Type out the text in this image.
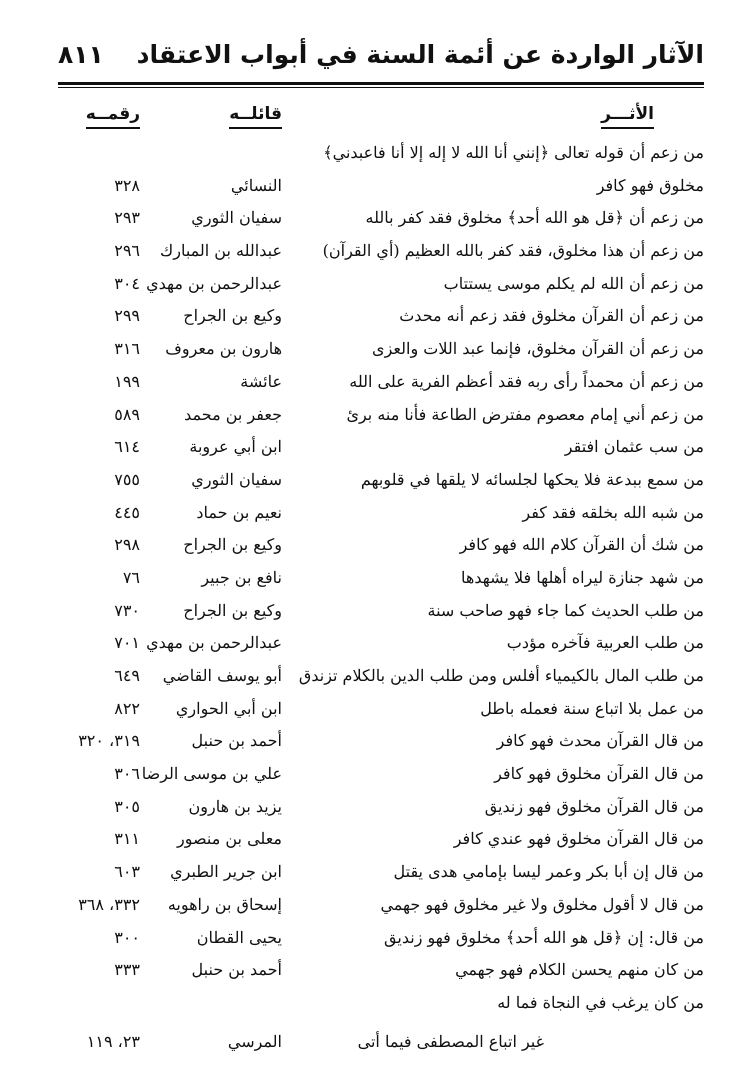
الآثار الواردة عن أئمة السنة في أبواب الاعتقاد
٨١١
الأثـــر
قائلــه
رقمــه
من زعم أن قوله تعالى ﴿إنني أنا الله لا إله إلا أنا فاعبدني﴾
مخلوق فهو كافر
النسائي
٣٢٨
من زعم أن ﴿قل هو الله أحد﴾ مخلوق فقد كفر بالله
سفيان الثوري
٢٩٣
من زعم أن هذا مخلوق، فقد كفر بالله العظيم (أي القرآن)
عبدالله بن المبارك
٢٩٦
من زعم أن الله لم يكلم موسى يستتاب
عبدالرحمن بن مهدي
٣٠٤
من زعم أن القرآن مخلوق فقد زعم أنه محدث
وكيع بن الجراح
٢٩٩
من زعم أن القرآن مخلوق، فإنما عبد اللات والعزى
هارون بن معروف
٣١٦
من زعم أن محمداً رأى ربه فقد أعظم الفرية على الله
عائشة
١٩٩
من زعم أني إمام معصوم مفترض الطاعة فأنا منه برئ
جعفر بن محمد
٥٨٩
من سب عثمان افتقر
ابن أبي عروبة
٦١٤
من سمع ببدعة فلا يحكها لجلسائه لا يلقها في قلوبهم
سفيان الثوري
٧٥٥
من شبه الله بخلقه فقد كفر
نعيم بن حماد
٤٤٥
من شك أن القرآن كلام الله فهو كافر
وكيع بن الجراح
٢٩٨
من شهد جنازة ليراه أهلها فلا يشهدها
نافع بن جبير
٧٦
من طلب الحديث كما جاء فهو صاحب سنة
وكيع بن الجراح
٧٣٠
من طلب العربية فآخره مؤدب
عبدالرحمن بن مهدي
٧٠١
من طلب المال بالكيمياء أفلس ومن طلب الدين بالكلام تزندق
أبو يوسف القاضي
٦٤٩
من عمل بلا اتباع سنة فعمله باطل
ابن أبي الحواري
٨٢٢
من قال القرآن محدث فهو كافر
أحمد بن حنبل
٣١٩، ٣٢٠
من قال القرآن مخلوق فهو كافر
علي بن موسى الرضا
٣٠٦
من قال القرآن مخلوق فهو زنديق
يزيد بن هارون
٣٠٥
من قال القرآن مخلوق فهو عندي كافر
معلى بن منصور
٣١١
من قال إن أبا بكر وعمر ليسا بإمامي هدى يقتل
ابن جرير الطبري
٦٠٣
من قال لا أقول مخلوق ولا غير مخلوق فهو جهمي
إسحاق بن راهويه
٣٣٢، ٣٦٨
من قال: إن ﴿قل هو الله أحد﴾ مخلوق فهو زنديق
يحيى القطان
٣٠٠
من كان منهم يحسن الكلام فهو جهمي
أحمد بن حنبل
٣٣٣
من كان يرغب في النجاة فما له
غير اتباع المصطفى فيما أتى
المرسي
٢٣، ١١٩
